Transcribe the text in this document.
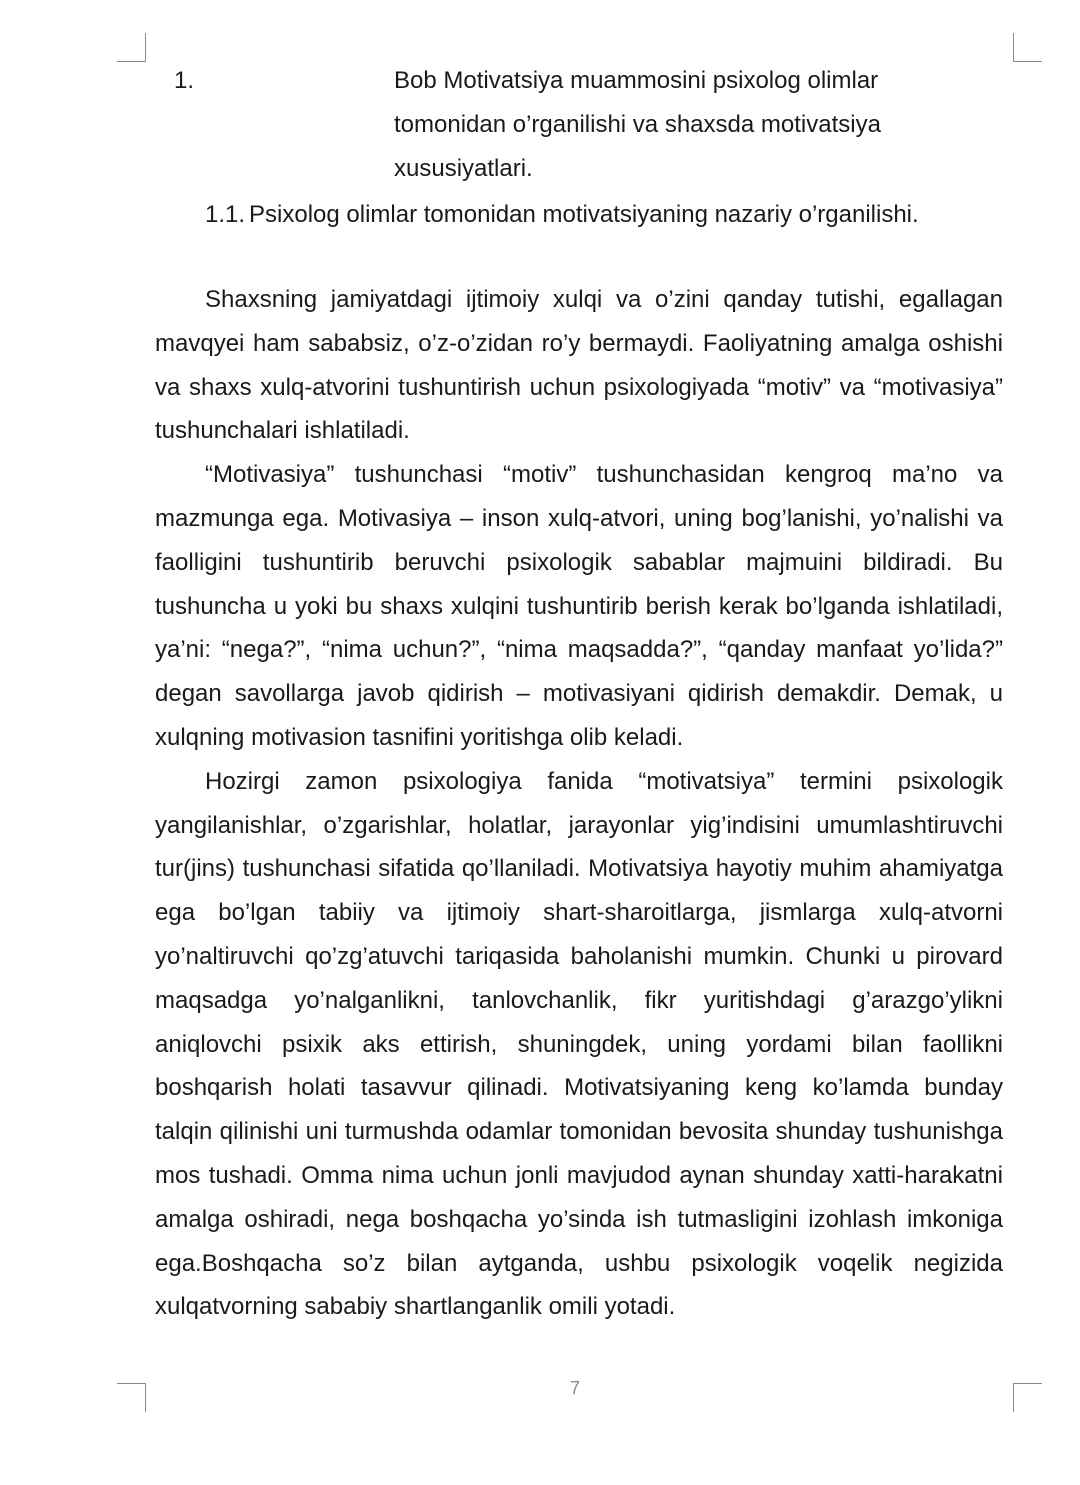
1.	Bob Motivatsiya muammosini psixolog olimlar tomonidan o’rganilishi va shaxsda motivatsiya xususiyatlari.
1.1. Psixolog olimlar tomonidan motivatsiyaning nazariy o’rganilishi.

Shaxsning jamiyatdagi ijtimoiy xulqi va o’zini qanday tutishi, egallagan mavqyei ham sababsiz, o’z-o’zidan ro’y bermaydi. Faoliyatning amalga oshishi va shaxs xulq-atvorini tushuntirish uchun psixologiyada “motiv” va “motivasiya” tushunchalari ishlatiladi.

“Motivasiya” tushunchasi “motiv” tushunchasidan kengroq ma’no va mazmunga ega. Motivasiya – inson xulq-atvori, uning bog’lanishi, yo’nalishi va faolligini tushuntirib beruvchi psixologik sabablar majmuini bildiradi. Bu tushuncha u yoki bu shaxs xulqini tushuntirib berish kerak bo’lganda ishlatiladi, ya’ni: “nega?”, “nima uchun?”, “nima maqsadda?”, “qanday manfaat yo’lida?” degan savollarga javob qidirish – motivasiyani qidirish demakdir. Demak, u xulqning motivasion tasnifini yoritishga olib keladi.

Hozirgi zamon psixologiya fanida “motivatsiya” termini psixologik yangilanishlar, o’zgarishlar, holatlar, jarayonlar yig’indisini umumlashtiruvchi tur(jins) tushunchasi sifatida qo’llaniladi. Motivatsiya hayotiy muhim ahamiyatga ega bo’lgan tabiiy va ijtimoiy shart-sharoitlarga, jismlarga xulq-atvorni yo’naltiruvchi qo’zg’atuvchi tariqasida baholanishi mumkin. Chunki u pirovard maqsadga yo’nalganlikni, tanlovchanlik, fikr yuritishdagi g’arazgo’ylikni aniqlovchi psixik aks ettirish, shuningdek, uning yordami bilan faollikni boshqarish holati tasavvur qilinadi. Motivatsiyaning keng ko’lamda bunday talqin qilinishi uni turmushda odamlar tomonidan bevosita shunday tushunishga mos tushadi. Omma nima uchun jonli mavjudod aynan shunday xatti-harakatni amalga oshiradi, nega boshqacha yo’sinda ish tutmasligini izohlash imkoniga ega.Boshqacha so’z bilan aytganda, ushbu psixologik voqelik negizida xulqatvorning sababiy shartlanganlik omili yotadi.

7
